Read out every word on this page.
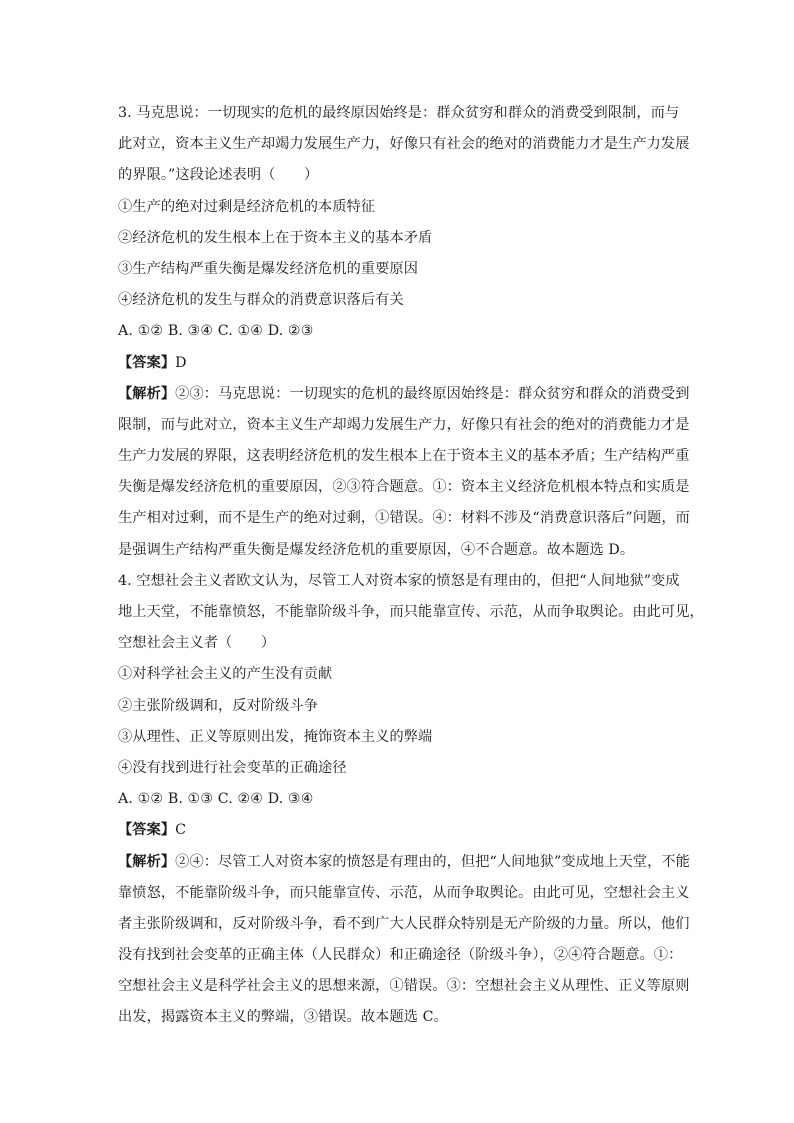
3. 马克思说：一切现实的危机的最终原因始终是：群众贫穷和群众的消费受到限制，而与
此对立，资本主义生产却竭力发展生产力，好像只有社会的绝对的消费能力才是生产力发展
的界限。”这段论述表明（　　）
①生产的绝对过剩是经济危机的本质特征
②经济危机的发生根本上在于资本主义的基本矛盾
③生产结构严重失衡是爆发经济危机的重要原因
④经济危机的发生与群众的消费意识落后有关
A. ①② B. ③④ C. ①④ D. ②③
【答案】D
【解析】②③：马克思说：一切现实的危机的最终原因始终是：群众贫穷和群众的消费受到
限制，而与此对立，资本主义生产却竭力发展生产力，好像只有社会的绝对的消费能力才是
生产力发展的界限，这表明经济危机的发生根本上在于资本主义的基本矛盾；生产结构严重
失衡是爆发经济危机的重要原因，②③符合题意。①：资本主义经济危机根本特点和实质是
生产相对过剩，而不是生产的绝对过剩，①错误。④：材料不涉及“消费意识落后”问题，而
是强调生产结构严重失衡是爆发经济危机的重要原因，④不合题意。故本题选 D。
4. 空想社会主义者欧文认为，尽管工人对资本家的愤怒是有理由的，但把“人间地狱”变成
地上天堂，不能靠愤怒，不能靠阶级斗争，而只能靠宣传、示范，从而争取舆论。由此可见，
空想社会主义者（　　）
①对科学社会主义的产生没有贡献
②主张阶级调和，反对阶级斗争
③从理性、正义等原则出发，掩饰资本主义的弊端
④没有找到进行社会变革的正确途径
A. ①② B. ①③ C. ②④ D. ③④
【答案】C
【解析】②④：尽管工人对资本家的愤怒是有理由的，但把“人间地狱”变成地上天堂，不能
靠愤怒，不能靠阶级斗争，而只能靠宣传、示范，从而争取舆论。由此可见，空想社会主义
者主张阶级调和，反对阶级斗争，看不到广大人民群众特别是无产阶级的力量。所以，他们
没有找到社会变革的正确主体（人民群众）和正确途径（阶级斗争），②④符合题意。①：
空想社会主义是科学社会主义的思想来源，①错误。③：空想社会主义从理性、正义等原则
出发，揭露资本主义的弊端，③错误。故本题选 C。
